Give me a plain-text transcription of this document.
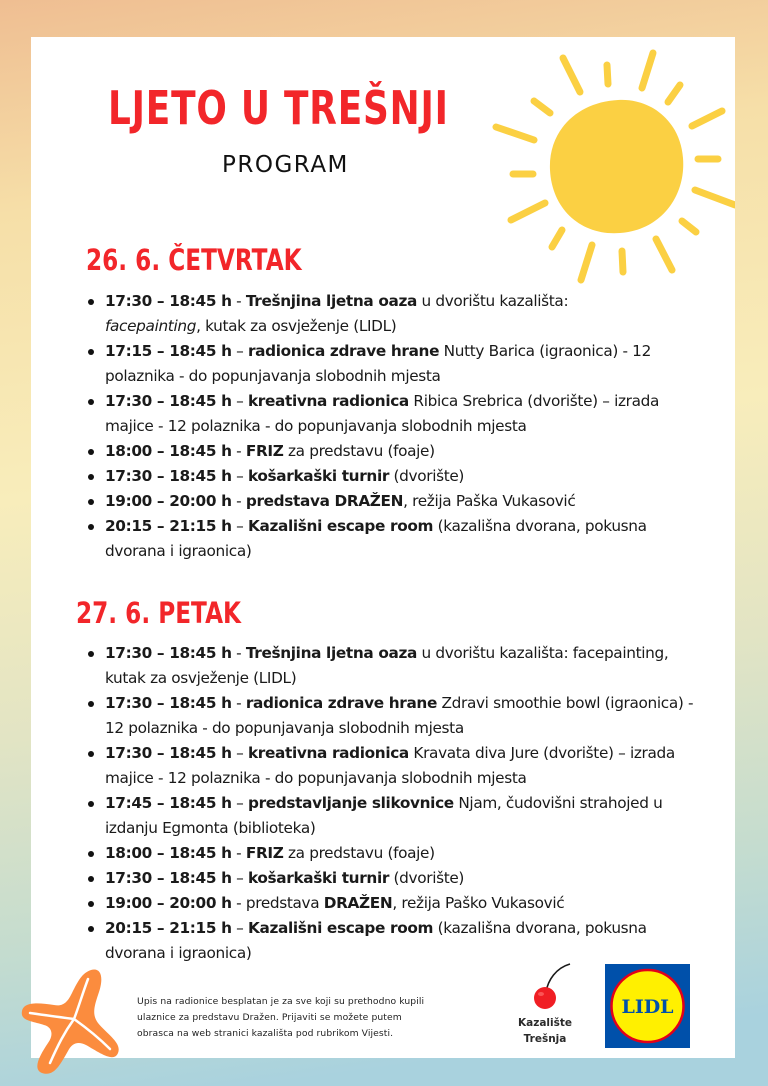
LJETO U TREŠNJI
PROGRAM
26. 6. ČETVRTAK
17:30 – 18:45 h - Trešnjina ljetna oaza u dvorištu kazališta:
facepainting, kutak za osvježenje (LIDL)
17:15 – 18:45 h – radionica zdrave hrane Nutty Barica (igraonica) - 12 polaznika - do popunjavanja slobodnih mjesta
17:30 – 18:45 h – kreativna radionica Ribica Srebrica (dvorište) – izrada majice - 12 polaznika - do popunjavanja slobodnih mjesta
18:00 – 18:45 h - FRIZ za predstavu (foaje)
17:30 – 18:45 h – košarkaški turnir (dvorište)
19:00 – 20:00 h - predstava DRAŽEN, režija Paška Vukasović
20:15 – 21:15 h – Kazališni escape room (kazališna dvorana, pokusna dvorana i igraonica)
27. 6. PETAK
17:30 – 18:45 h - Trešnjina ljetna oaza u dvorištu kazališta: facepainting, kutak za osvježenje (LIDL)
17:30 – 18:45 h - radionica zdrave hrane Zdravi smoothie bowl (igraonica) - 12 polaznika - do popunjavanja slobodnih mjesta
17:30 – 18:45 h – kreativna radionica Kravata diva Jure (dvorište) – izrada majice - 12 polaznika - do popunjavanja slobodnih mjesta
17:45 – 18:45 h – predstavljanje slikovnice Njam, čudovišni strahojed u izdanju Egmonta (biblioteka)
18:00 – 18:45 h - FRIZ za predstavu (foaje)
17:30 – 18:45 h – košarkaški turnir (dvorište)
19:00 – 20:00 h - predstava DRAŽEN, režija Paško Vukasović
20:15 – 21:15 h – Kazališni escape room (kazališna dvorana, pokusna dvorana i igraonica)
Upis na radionice besplatan je za sve koji su prethodno kupili
ulaznice za predstavu Dražen. Prijaviti se možete putem
obrasca na web stranici kazališta pod rubrikom Vijesti.
Kazalište
Trešnja
LIDL
